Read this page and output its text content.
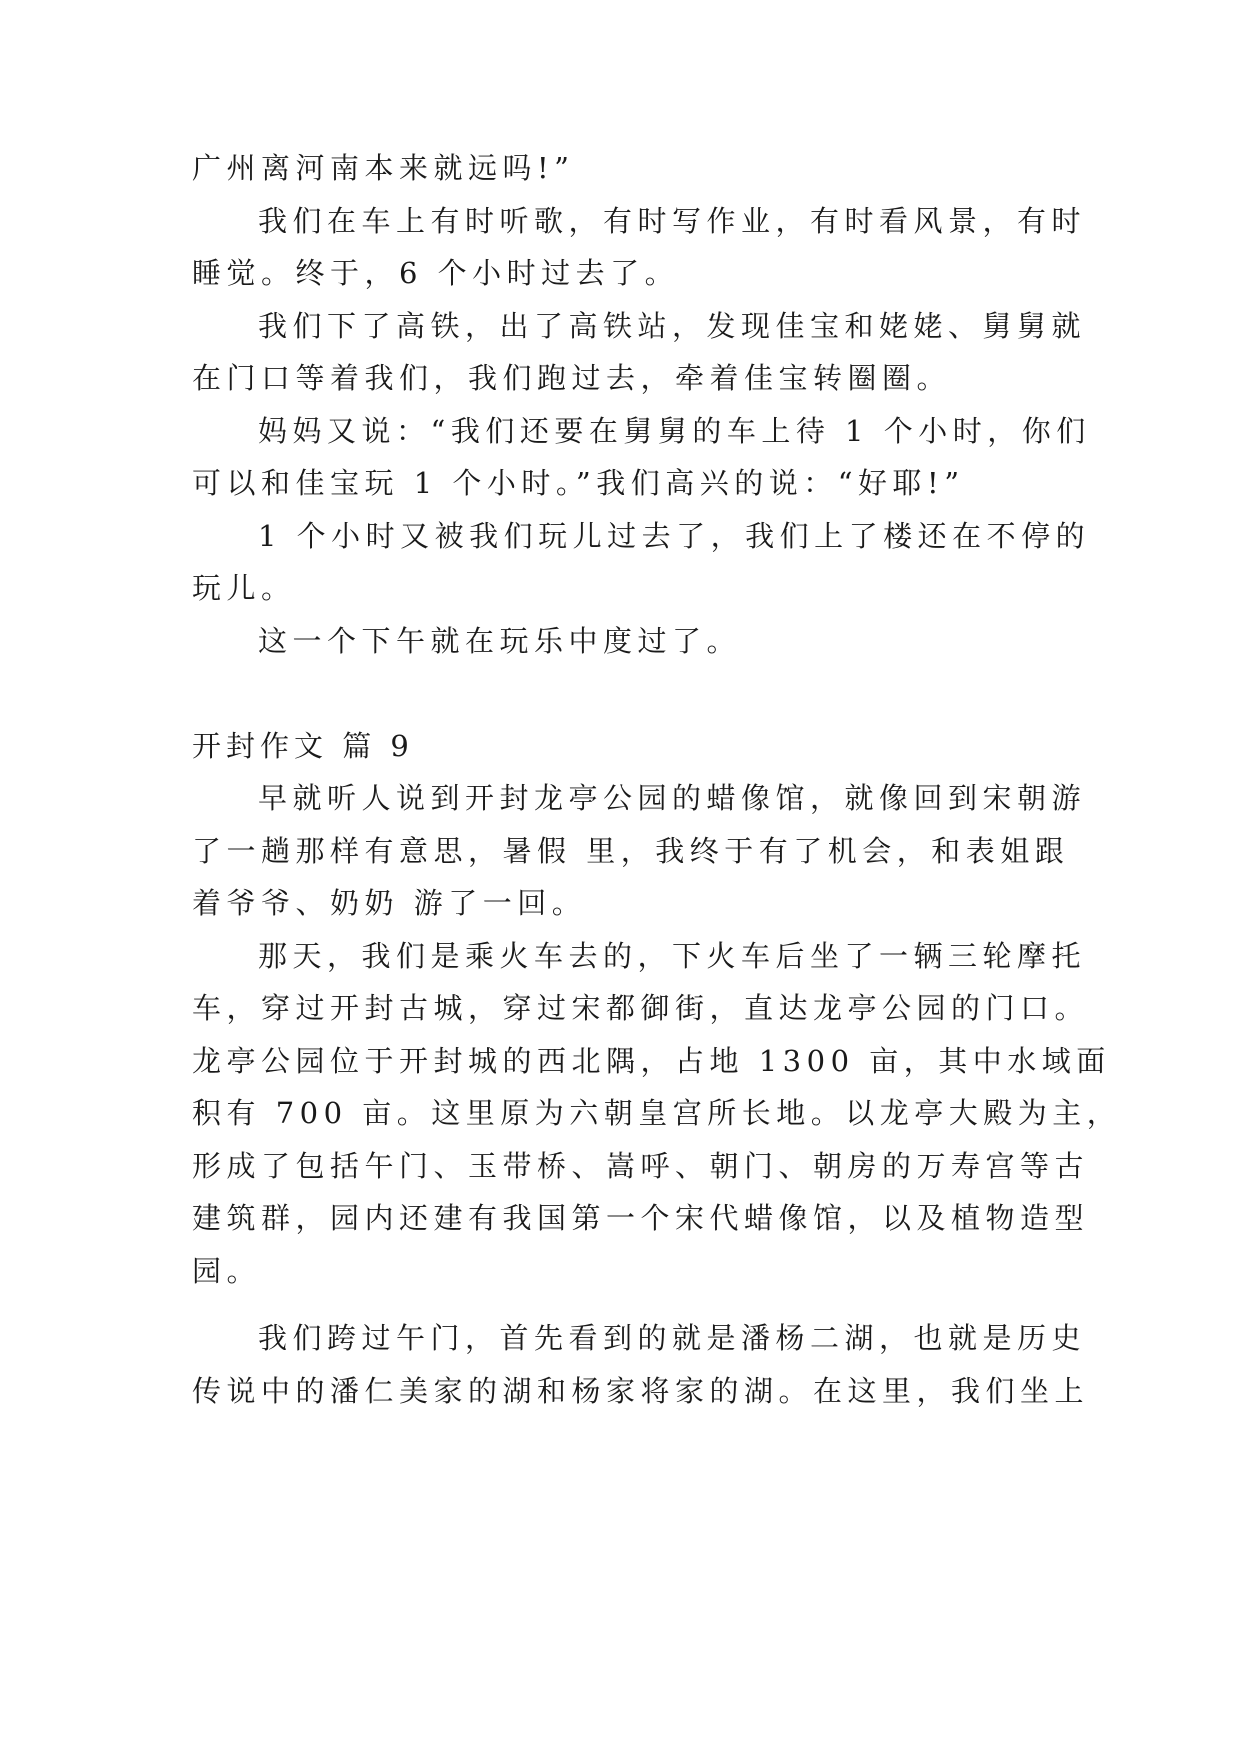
广州离河南本来就远吗!”
我们在车上有时听歌，有时写作业，有时看风景，有时
睡觉。终于，6 个小时过去了。
我们下了高铁，出了高铁站，发现佳宝和姥姥、舅舅就
在门口等着我们，我们跑过去，牵着佳宝转圈圈。
妈妈又说：“我们还要在舅舅的车上待 1 个小时，你们
可以和佳宝玩 1 个小时。”我们高兴的说：“好耶!”
1 个小时又被我们玩儿过去了，我们上了楼还在不停的
玩儿。
这一个下午就在玩乐中度过了。
开封作文 篇 9
早就听人说到开封龙亭公园的蜡像馆，就像回到宋朝游
了一趟那样有意思，暑假 里，我终于有了机会，和表姐跟
着爷爷、奶奶 游了一回。
那天，我们是乘火车去的，下火车后坐了一辆三轮摩托
车，穿过开封古城，穿过宋都御街，直达龙亭公园的门口。
龙亭公园位于开封城的西北隅，占地 1300 亩，其中水域面
积有 700 亩。这里原为六朝皇宫所长地。以龙亭大殿为主，
形成了包括午门、玉带桥、嵩呼、朝门、朝房的万寿宫等古
建筑群，园内还建有我国第一个宋代蜡像馆，以及植物造型
园。
我们跨过午门，首先看到的就是潘杨二湖，也就是历史
传说中的潘仁美家的湖和杨家将家的湖。在这里，我们坐上
